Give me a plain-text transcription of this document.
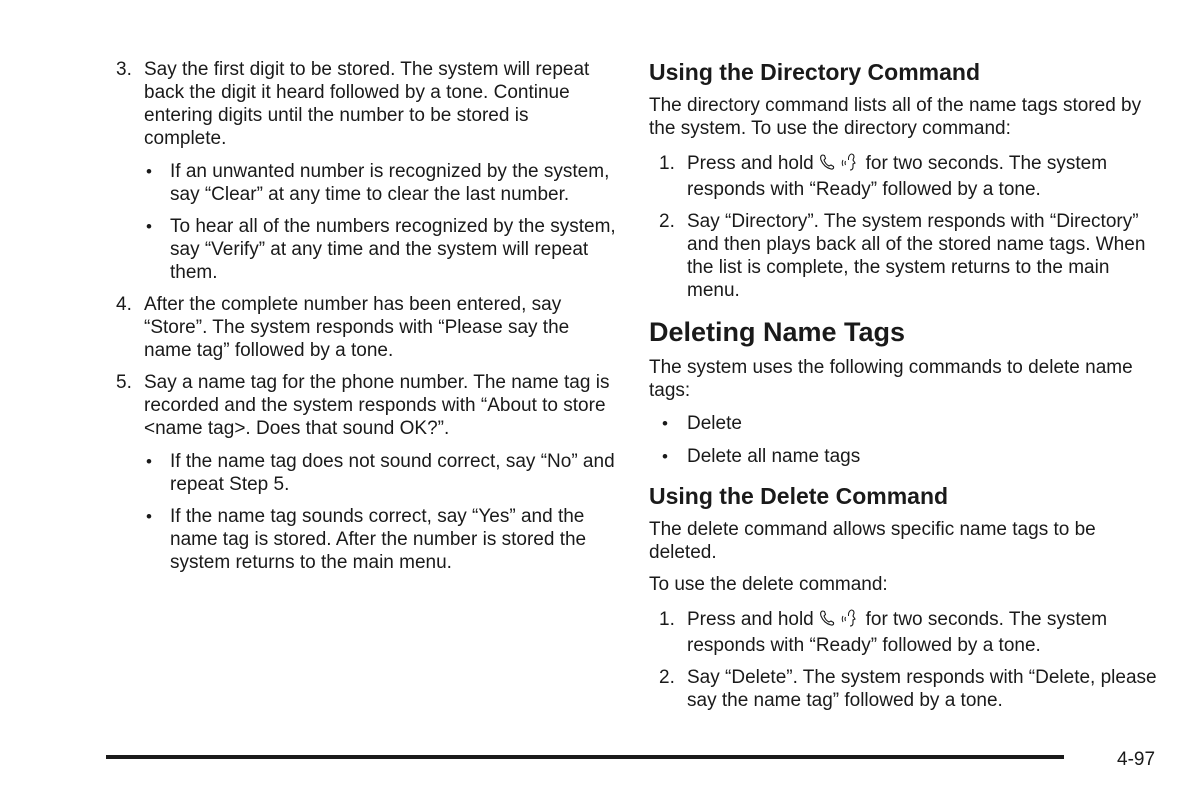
3. Say the first digit to be stored. The system will repeat back the digit it heard followed by a tone. Continue entering digits until the number to be stored is complete.
• If an unwanted number is recognized by the system, say “Clear” at any time to clear the last number.
• To hear all of the numbers recognized by the system, say “Verify” at any time and the system will repeat them.
4. After the complete number has been entered, say “Store”. The system responds with “Please say the name tag” followed by a tone.
5. Say a name tag for the phone number. The name tag is recorded and the system responds with “About to store <name tag>. Does that sound OK?”.
• If the name tag does not sound correct, say “No” and repeat Step 5.
• If the name tag sounds correct, say “Yes” and the name tag is stored. After the number is stored the system returns to the main menu.
Using the Directory Command
The directory command lists all of the name tags stored by the system. To use the directory command:
1. Press and hold	for two seconds. The system
responds with “Ready” followed by a tone.
2. Say “Directory”. The system responds with “Directory” and then plays back all of the stored name tags. When the list is complete, the system returns to the main menu.
Deleting Name Tags
The system uses the following commands to delete name tags:
• Delete
• Delete all name tags
Using the Delete Command
The delete command allows specific name tags to be deleted.
To use the delete command:
1. Press and hold	for two seconds. The system
responds with “Ready” followed by a tone.
2. Say “Delete”. The system responds with “Delete, please say the name tag” followed by a tone.
4-97
